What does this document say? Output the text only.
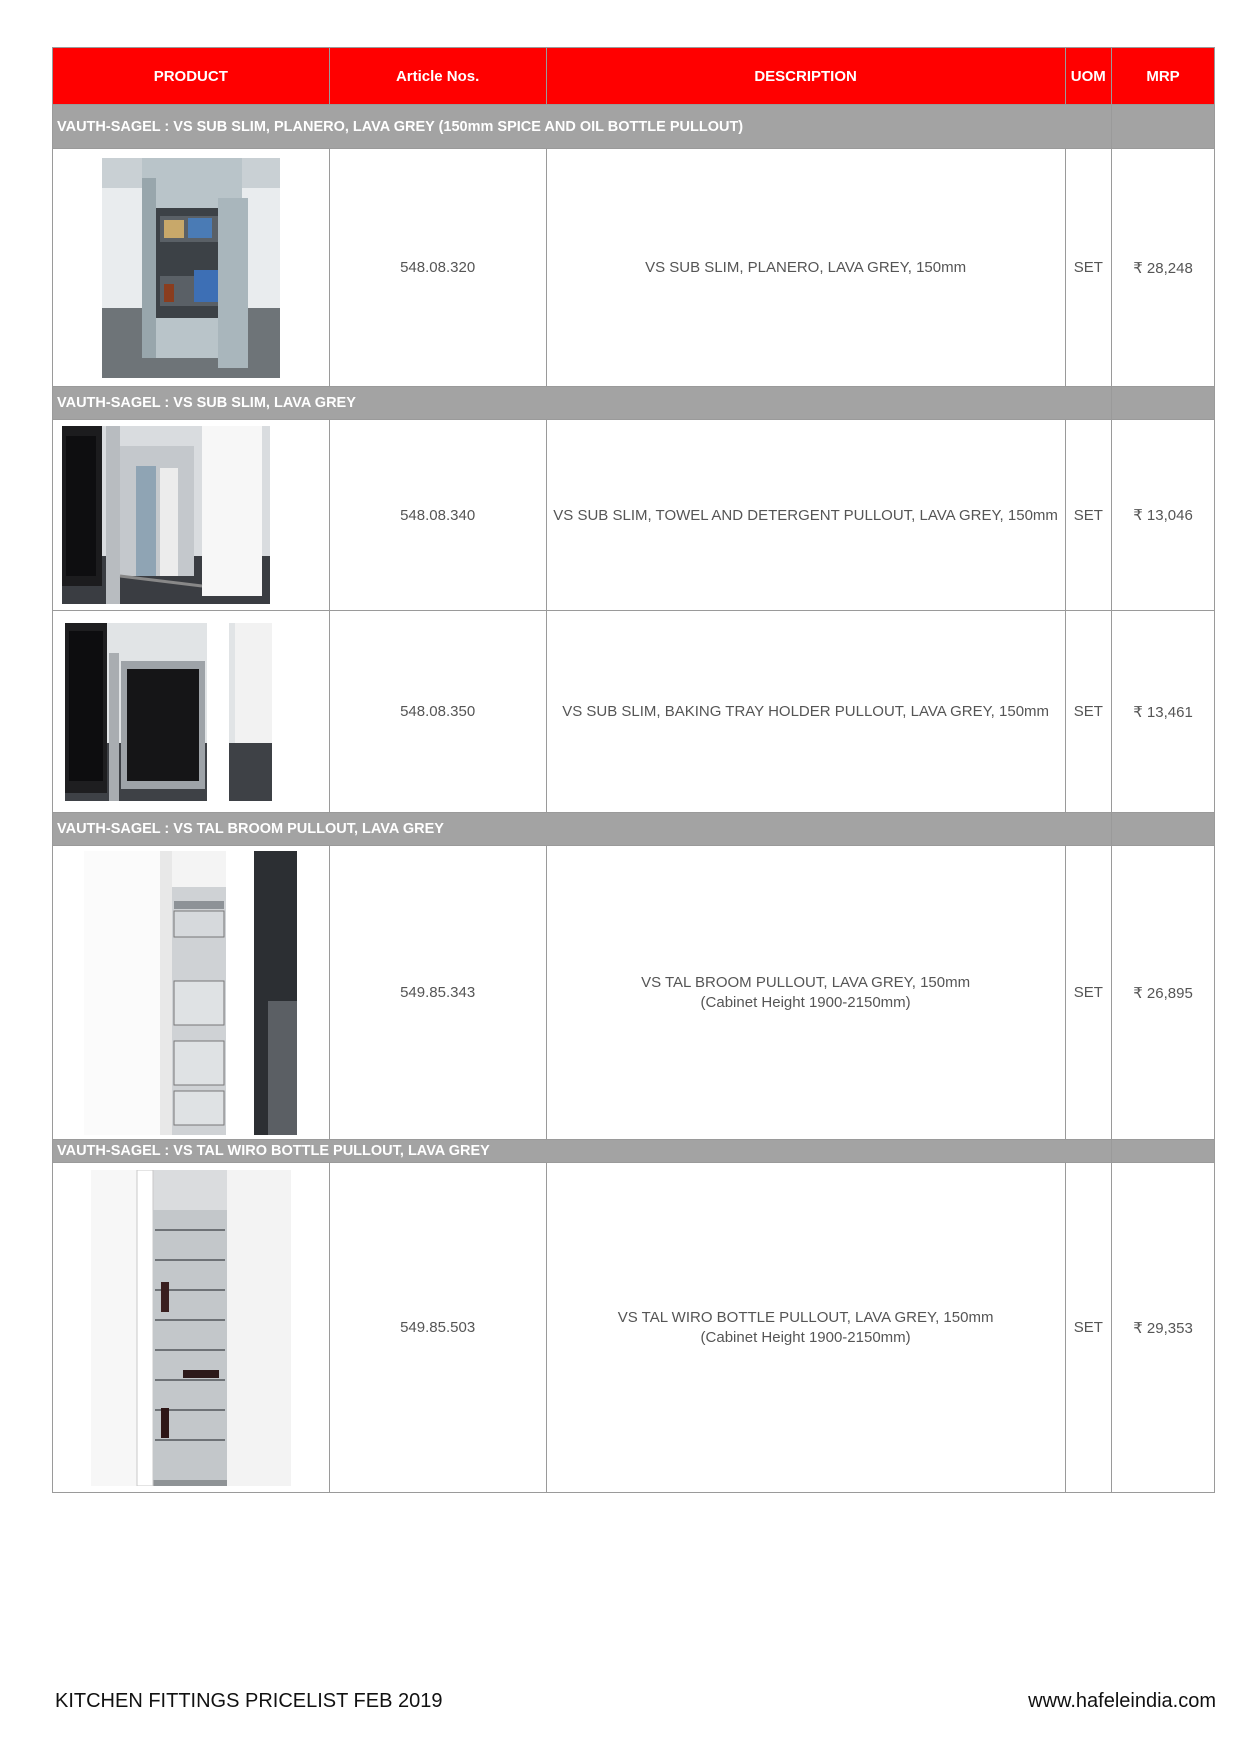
PRODUCT	Article Nos.	DESCRIPTION	UOM	MRP
VAUTH-SAGEL : VS SUB SLIM, PLANERO, LAVA GREY (150mm SPICE AND OIL BOTTLE PULLOUT)				
	548.08.320	VS SUB SLIM, PLANERO, LAVA GREY, 150mm	SET	₹ 28,248
VAUTH-SAGEL : VS SUB SLIM, LAVA GREY				
	548.08.340	VS SUB SLIM, TOWEL AND DETERGENT PULLOUT, LAVA GREY, 150mm	SET	₹ 13,046
	548.08.350	VS SUB SLIM, BAKING TRAY HOLDER PULLOUT, LAVA GREY, 150mm	SET	₹ 13,461
VAUTH-SAGEL : VS TAL BROOM PULLOUT, LAVA GREY				
	549.85.343	VS TAL BROOM PULLOUT, LAVA GREY, 150mm
(Cabinet Height 1900-2150mm)	SET	₹ 26,895
VAUTH-SAGEL : VS TAL WIRO BOTTLE PULLOUT, LAVA GREY				
	549.85.503	VS TAL WIRO BOTTLE PULLOUT, LAVA GREY, 150mm
(Cabinet Height 1900-2150mm)	SET	₹ 29,353
KITCHEN FITTINGS PRICELIST FEB 2019	www.hafeleindia.com
